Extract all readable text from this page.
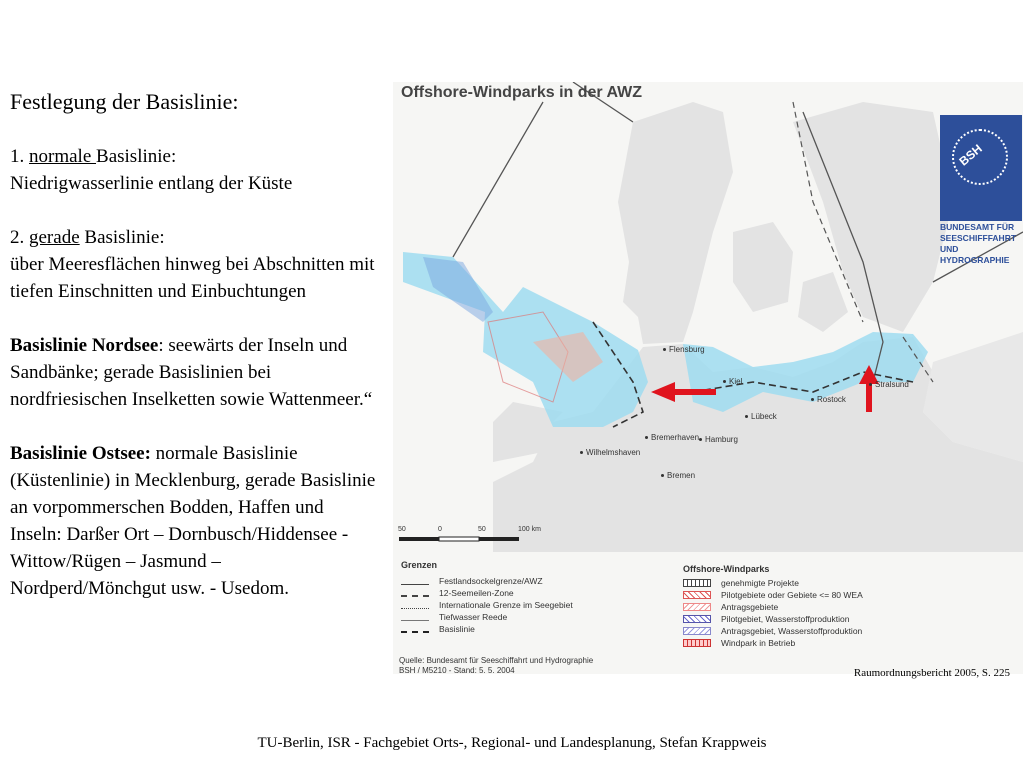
Festlegung der Basislinie:

1. normale Basislinie:

Niedrigwasserlinie entlang der Küste

2. gerade Basislinie:

über Meeresflächen hinweg bei Abschnitten mit tiefen Einschnitten und Einbuchtungen

Basislinie Nordsee: seewärts der Inseln und Sandbänke; gerade Basislinien bei nordfriesischen Inselketten sowie Wattenmeer.“

Basislinie Ostsee: normale Basislinie (Küstenlinie) in Mecklenburg, gerade Basislinie an vorpommerschen Bodden, Haffen und Inseln: Darßer Ort – Dornbusch/Hiddensee - Wittow/Rügen – Jasmund – Nordperd/Mönchgut usw. - Usedom.

Offshore-Windparks in der AWZ
BSH
BUNDESAMT FÜR
SEESCHIFFFAHRT
UND
HYDROGRAPHIE
Flensburg
Kiel
Lübeck
Rostock
Stralsund
Bremerhaven Hamburg
Wilhelmshaven
Bremen
50	0	50	100 km
Grenzen
Festlandsockelgrenze/AWZ
12-Seemeilen-Zone
Internationale Grenze im Seegebiet
Tiefwasser Reede
Basislinie
Offshore-Windparks
genehmigte Projekte
Pilotgebiete oder Gebiete <= 80 WEA
Antragsgebiete
Pilotgebiet, Wasserstoffproduktion
Antragsgebiet, Wasserstoffproduktion
Windpark in Betrieb
Quelle: Bundesamt für Seeschiffahrt und Hydrographie
BSH / M5210 - Stand: 5. 5. 2004	Raumordnungsbericht 2005, S. 225
TU-Berlin, ISR - Fachgebiet Orts-, Regional- und Landesplanung, Stefan Krappweis
